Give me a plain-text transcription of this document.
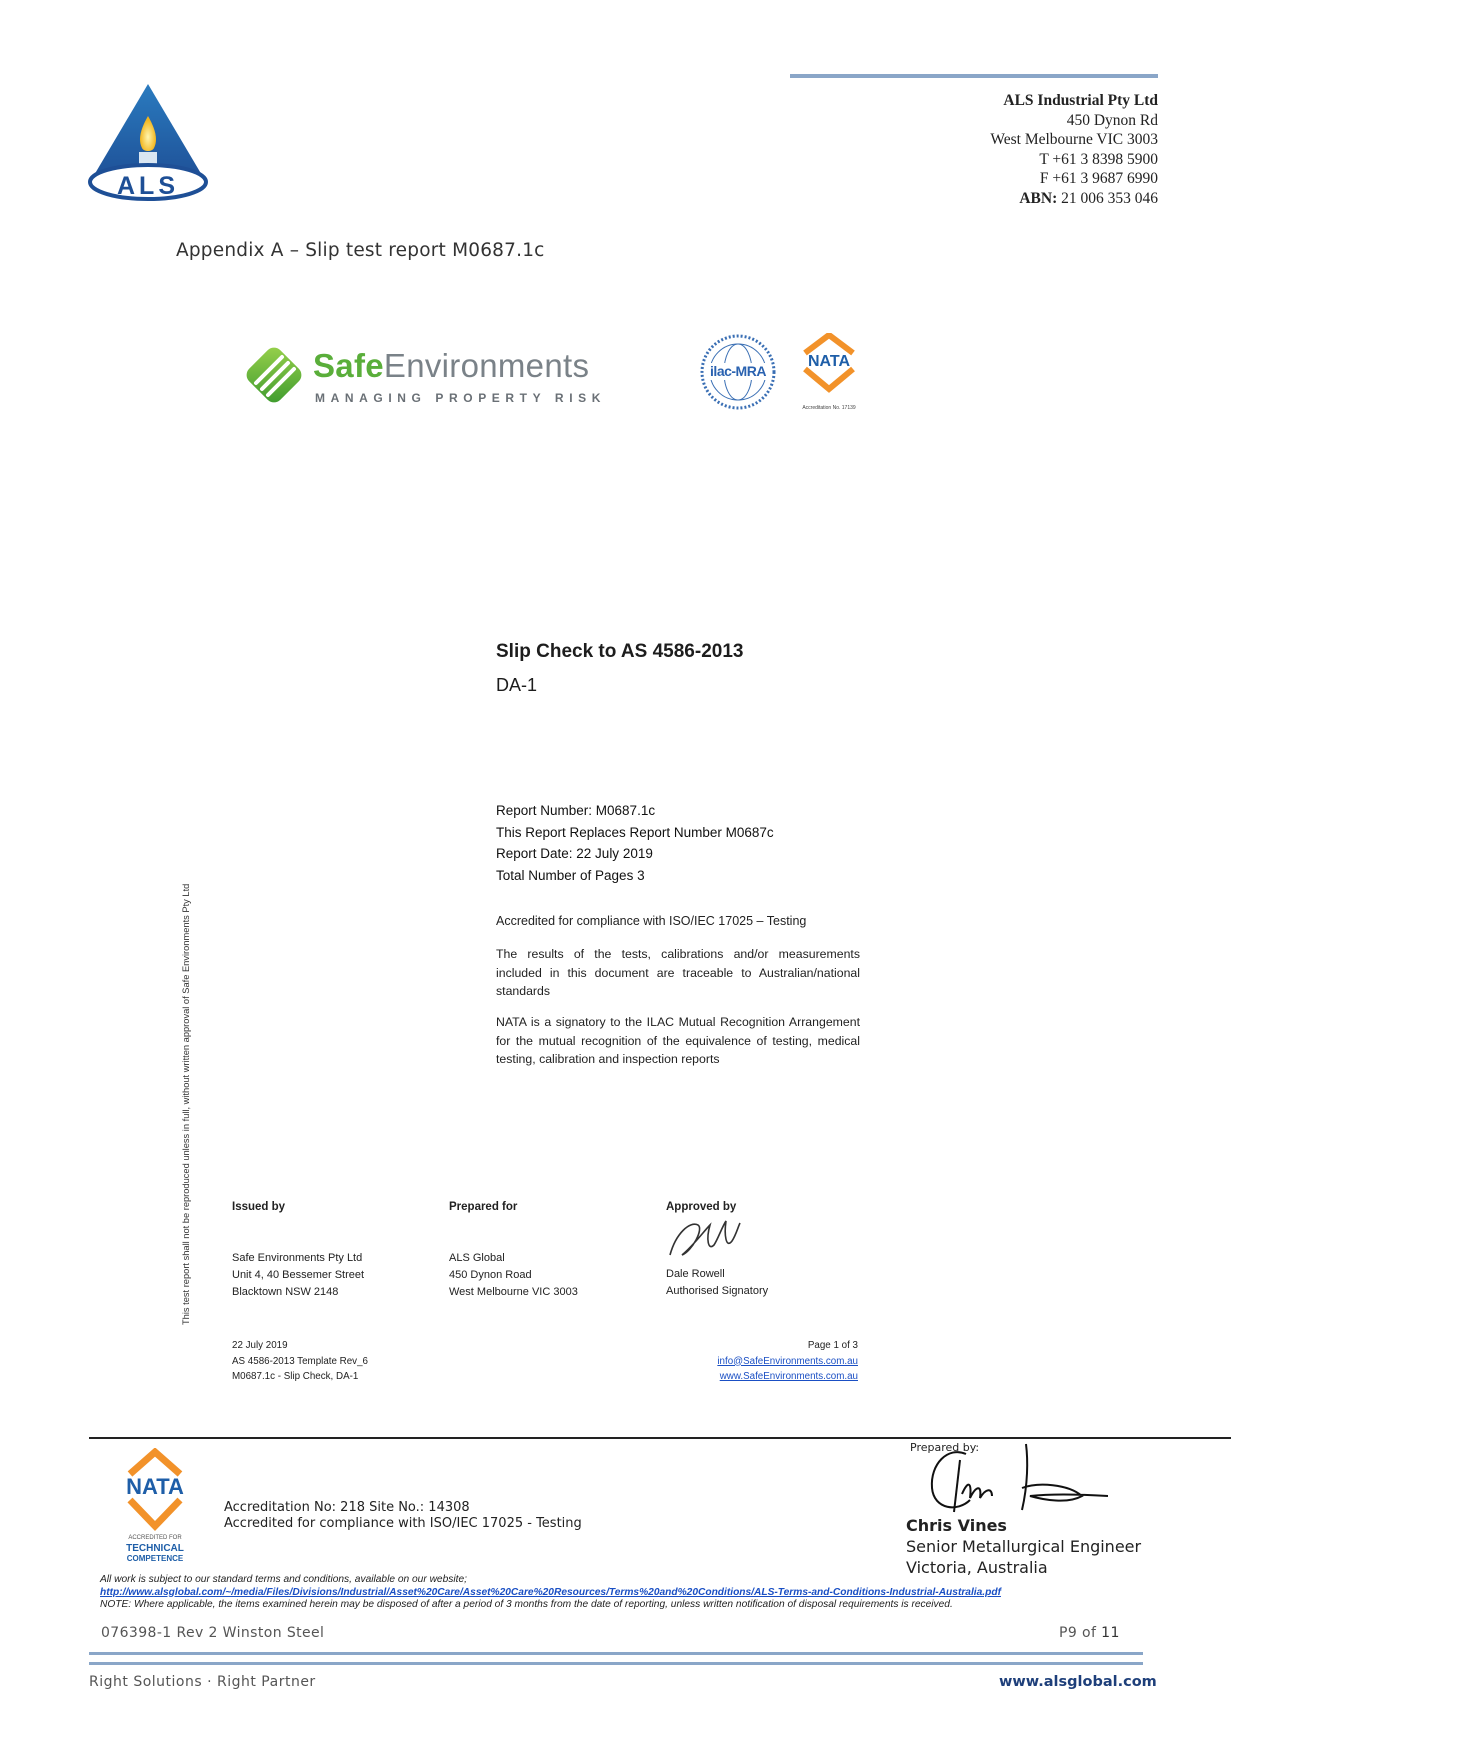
ALS
ALS Industrial Pty Ltd
450 Dynon Rd
West Melbourne VIC 3003
T +61 3 8398 5900
F +61 3 9687 6990
ABN: 21 006 353 046
Appendix A – Slip test report M0687.1c
SafeEnvironments
MANAGING PROPERTY RISK
ilac-MRA
NATA
Accreditation No. 17139
Slip Check to AS 4586-2013
DA-1
Report Number: M0687.1c
This Report Replaces Report Number M0687c
Report Date: 22 July 2019
Total Number of Pages 3
Accredited for compliance with ISO/IEC 17025 – Testing
The results of the tests, calibrations and/or measurements included in this document are traceable to Australian/national standards
NATA is a signatory to the ILAC Mutual Recognition Arrangement for the mutual recognition of the equivalence of testing, medical testing, calibration and inspection reports
This test report shall not be reproduced unless in full, without written approval of Safe Environments Pty Ltd	Issued by	Prepared for	Approved by
Safe Environments Pty Ltd
Unit 4, 40 Bessemer Street
Blacktown NSW 2148
ALS Global
450 Dynon Road
West Melbourne VIC 3003
Dale Rowell
Authorised Signatory
22 July 2019
AS 4586-2013 Template Rev_6
M0687.1c - Slip Check, DA-1
Page 1 of 3
info@SafeEnvironments.com.au
www.SafeEnvironments.com.au
NATA
ACCREDITED FOR
TECHNICAL
COMPETENCE
Accreditation No: 218 Site No.: 14308
Accredited for compliance with ISO/IEC 17025 - Testing
Prepared by:
Chris Vines
Senior Metallurgical Engineer
Victoria, Australia
All work is subject to our standard terms and conditions, available on our website;
http://www.alsglobal.com/~/media/Files/Divisions/Industrial/Asset%20Care/Asset%20Care%20Resources/Terms%20and%20Conditions/ALS-Terms-and-Conditions-Industrial-Australia.pdf
NOTE: Where applicable, the items examined herein may be disposed of after a period of 3 months from the date of reporting, unless written notification of disposal requirements is received.
076398-1 Rev 2 Winston Steel	P9 of 11
Right Solutions · Right Partner	www.alsglobal.com
